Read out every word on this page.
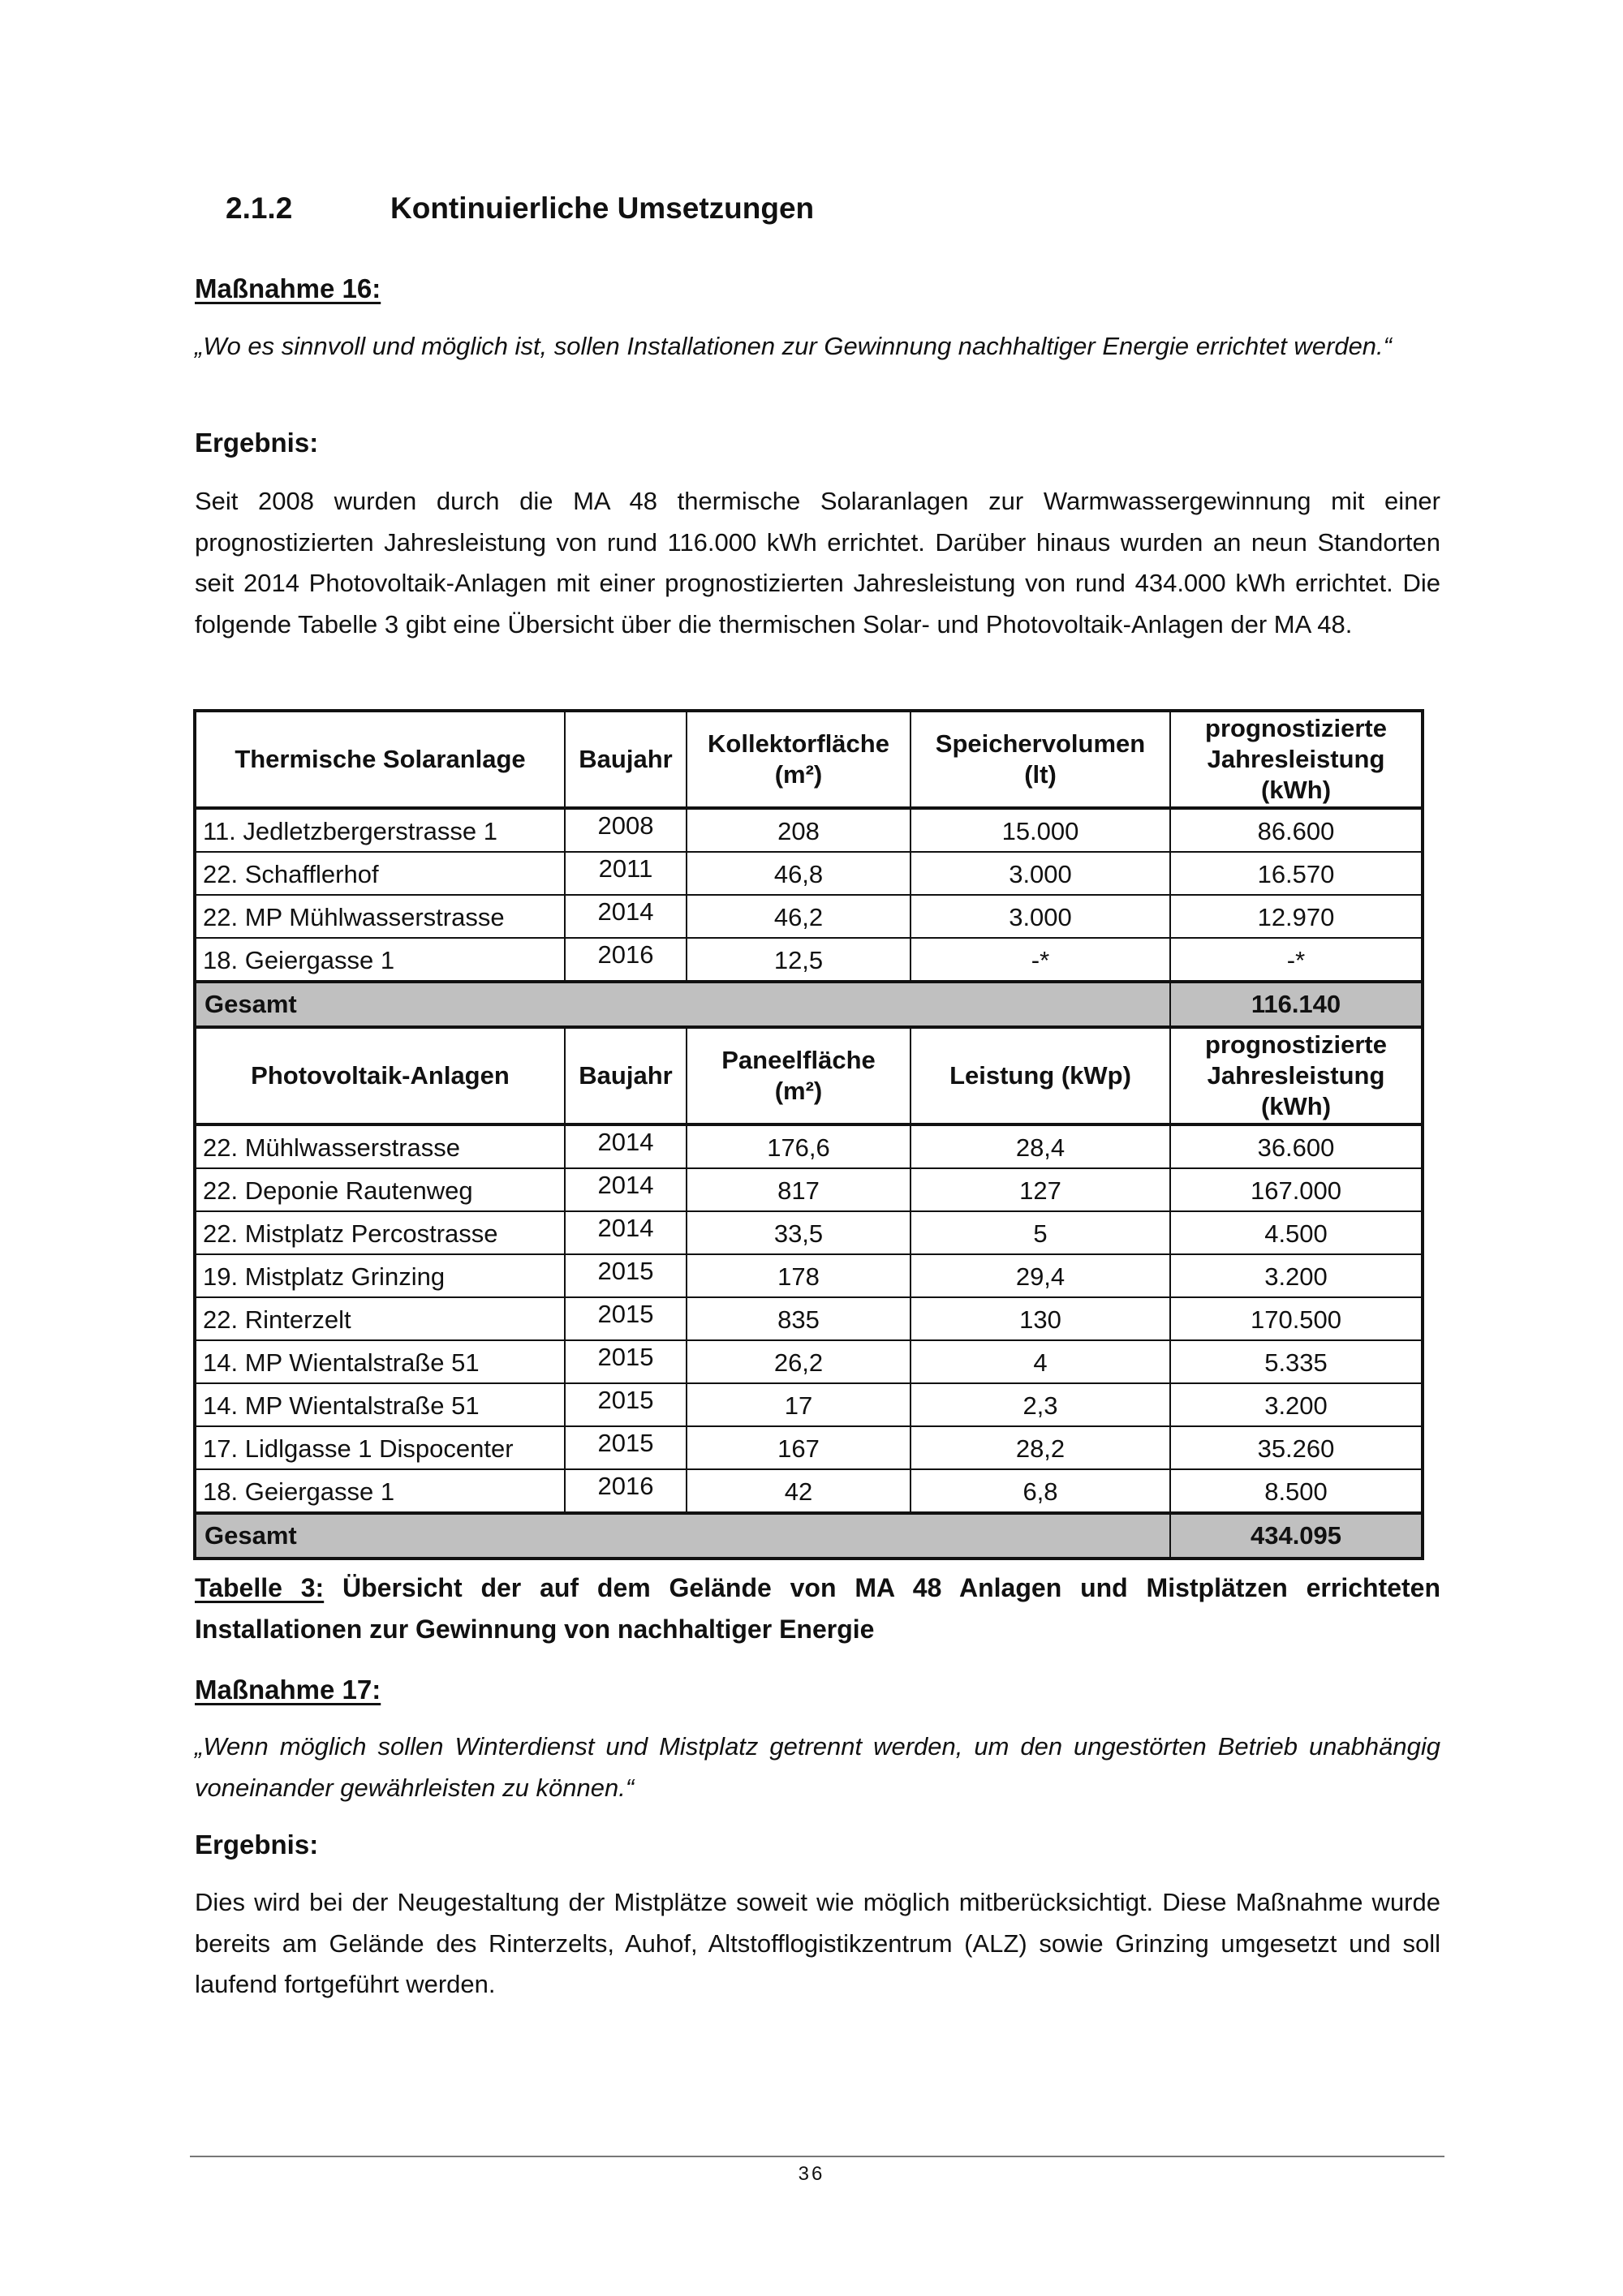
2.1.2	Kontinuierliche Umsetzungen
Maßnahme 16:
„Wo es sinnvoll und möglich ist, sollen Installationen zur Gewinnung nachhaltiger Energie errichtet werden.“
Ergebnis:
Seit 2008 wurden durch die MA 48 thermische Solaranlagen zur Warmwassergewinnung mit einer prognostizierten Jahresleistung von rund 116.000 kWh errichtet. Darüber hinaus wurden an neun Standorten seit 2014 Photovoltaik-Anlagen mit einer prognostizierten Jahresleistung von rund 434.000 kWh errichtet. Die folgende Tabelle 3 gibt eine Übersicht über die thermischen Solar- und Photovoltaik-Anlagen der MA 48.
Thermische Solaranlage	Baujahr	Kollektorfläche (m²)	Speichervolumen (lt)	prognostizierte Jahresleistung (kWh)
11. Jedletzbergerstrasse 1	2008	208	15.000	86.600
22. Schafflerhof	2011	46,8	3.000	16.570
22. MP Mühlwasserstrasse	2014	46,2	3.000	12.970
18. Geiergasse 1	2016	12,5	-*	-*
Gesamt				116.140
Photovoltaik-Anlagen	Baujahr	Paneelfläche (m²)	Leistung (kWp)	prognostizierte Jahresleistung (kWh)
22. Mühlwasserstrasse	2014	176,6	28,4	36.600
22. Deponie Rautenweg	2014	817	127	167.000
22. Mistplatz Percostrasse	2014	33,5	5	4.500
19. Mistplatz Grinzing	2015	178	29,4	3.200
22. Rinterzelt	2015	835	130	170.500
14. MP Wientalstraße 51	2015	26,2	4	5.335
14. MP Wientalstraße 51	2015	17	2,3	3.200
17. Lidlgasse 1 Dispocenter	2015	167	28,2	35.260
18. Geiergasse 1	2016	42	6,8	8.500
Gesamt				434.095
Tabelle 3: Übersicht der auf dem Gelände von MA 48 Anlagen und Mistplätzen errichteten Installationen zur Gewinnung von nachhaltiger Energie
Maßnahme 17:
„Wenn möglich sollen Winterdienst und Mistplatz getrennt werden, um den ungestörten Betrieb unabhängig voneinander gewährleisten zu können.“
Ergebnis:
Dies wird bei der Neugestaltung der Mistplätze soweit wie möglich mitberücksichtigt. Diese Maßnahme wurde bereits am Gelände des Rinterzelts, Auhof, Altstofflogistikzentrum (ALZ) sowie Grinzing umgesetzt und soll laufend fortgeführt werden.
36
